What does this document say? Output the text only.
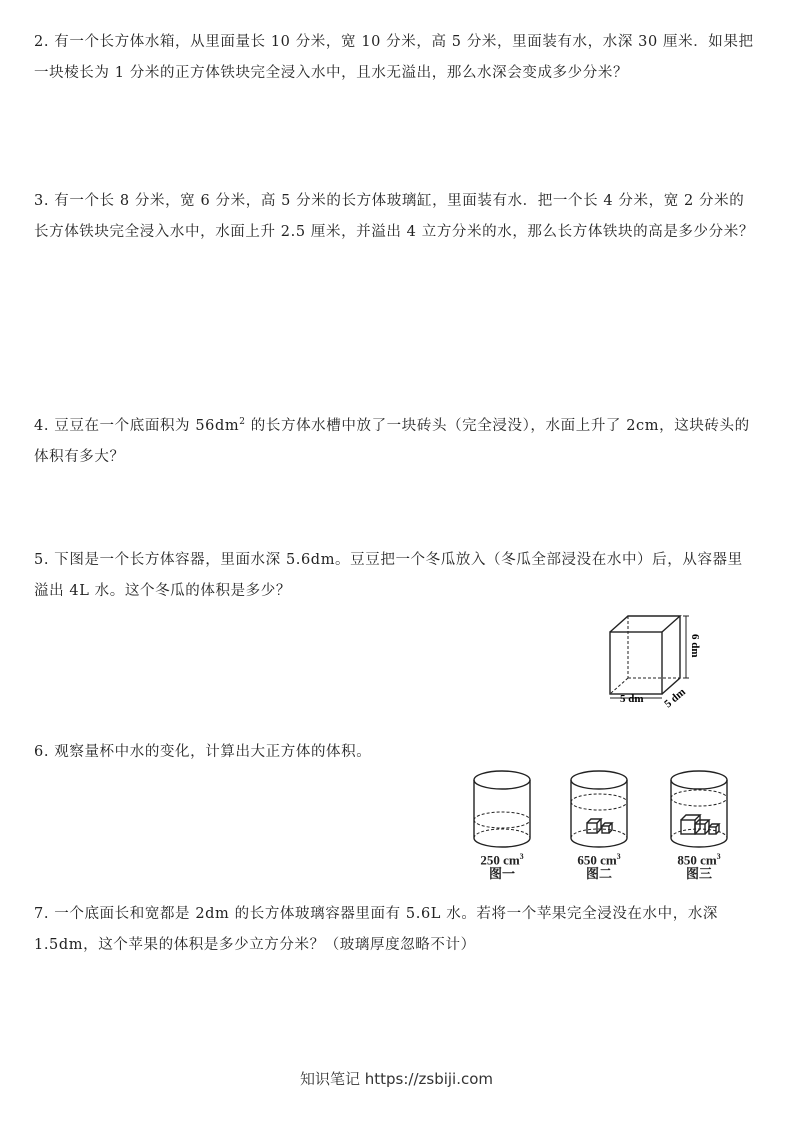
2. 有一个长方体水箱，从里面量长 10 分米，宽 10 分米，高 5 分米，里面装有水，水深 30 厘米．如果把一块棱长为 1 分米的正方体铁块完全浸入水中，且水无溢出，那么水深会变成多少分米？

3. 有一个长 8 分米，宽 6 分米，高 5 分米的长方体玻璃缸，里面装有水．把一个长 4 分米，宽 2 分米的长方体铁块完全浸入水中，水面上升 2.5 厘米，并溢出 4 立方分米的水，那么长方体铁块的高是多少分米？

4. 豆豆在一个底面积为 $56dm^2$ 的长方体水槽中放了一块砖头（完全浸没），水面上升了 2cm，这块砖头的体积有多大？

5. 下图是一个长方体容器，里面水深 5.6dm。豆豆把一个冬瓜放入（冬瓜全部浸没在水中）后，从容器里溢出 4L 水。这个冬瓜的体积是多少？

6 dm
5 dm 5 dm

6. 观察量杯中水的变化，计算出大正方体的体积。

250 $cm^3$
图一
650 $cm^3$
图二
850 $cm^3$
图三

7. 一个底面长和宽都是 2dm 的长方体玻璃容器里面有 5.6L 水。若将一个苹果完全浸没在水中，水深 1.5dm，这个苹果的体积是多少立方分米？（玻璃厚度忽略不计）

知识笔记 https://zsbiji.com
